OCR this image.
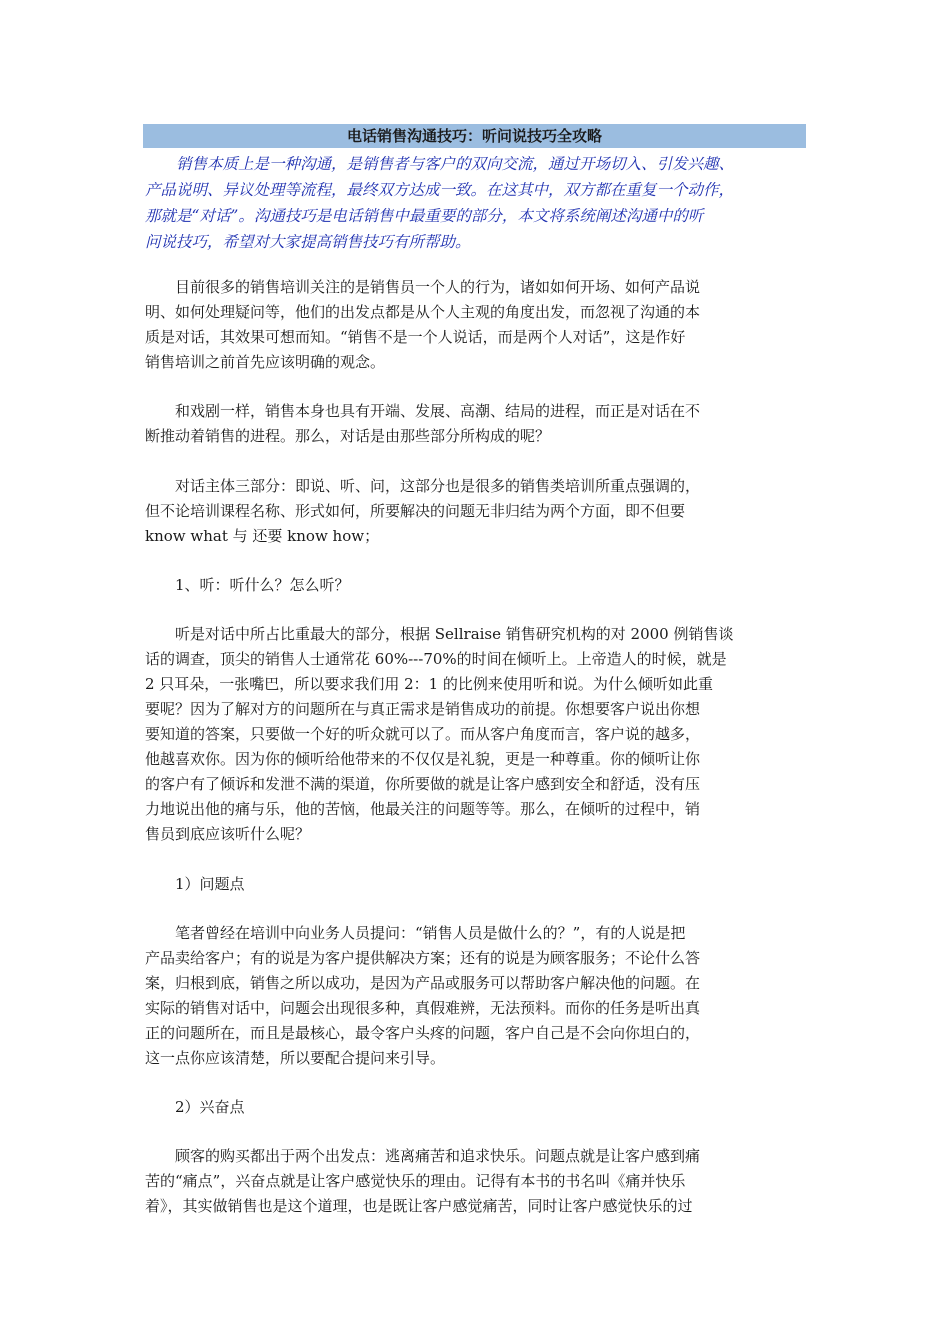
电话销售沟通技巧：听问说技巧全攻略
　　销售本质上是一种沟通，是销售者与客户的双向交流，通过开场切入、引发兴趣、
产品说明、异议处理等流程，最终双方达成一致。在这其中，双方都在重复一个动作，
那就是“对话”。沟通技巧是电话销售中最重要的部分，本文将系统阐述沟通中的听
问说技巧，希望对大家提高销售技巧有所帮助。
　　目前很多的销售培训关注的是销售员一个人的行为，诸如如何开场、如何产品说
明、如何处理疑问等，他们的出发点都是从个人主观的角度出发，而忽视了沟通的本
质是对话，其效果可想而知。“销售不是一个人说话，而是两个人对话”，这是作好
销售培训之前首先应该明确的观念。
　　和戏剧一样，销售本身也具有开端、发展、高潮、结局的进程，而正是对话在不
断推动着销售的进程。那么，对话是由那些部分所构成的呢？
　　对话主体三部分：即说、听、问，这部分也是很多的销售类培训所重点强调的，
但不论培训课程名称、形式如何，所要解决的问题无非归结为两个方面，即不但要
know what 与 还要 know how；
　　1、听：听什么？怎么听？
　　听是对话中所占比重最大的部分，根据 Sellraise 销售研究机构的对 2000 例销售谈
话的调查，顶尖的销售人士通常花 60%---70%的时间在倾听上。上帝造人的时候，就是
2 只耳朵，一张嘴巴，所以要求我们用 2：1 的比例来使用听和说。为什么倾听如此重
要呢？因为了解对方的问题所在与真正需求是销售成功的前提。你想要客户说出你想
要知道的答案，只要做一个好的听众就可以了。而从客户角度而言，客户说的越多，
他越喜欢你。因为你的倾听给他带来的不仅仅是礼貌，更是一种尊重。你的倾听让你
的客户有了倾诉和发泄不满的渠道，你所要做的就是让客户感到安全和舒适，没有压
力地说出他的痛与乐，他的苦恼，他最关注的问题等等。那么，在倾听的过程中，销
售员到底应该听什么呢？
　　1）问题点
　　笔者曾经在培训中向业务人员提问：“销售人员是做什么的？”，有的人说是把
产品卖给客户；有的说是为客户提供解决方案；还有的说是为顾客服务；不论什么答
案，归根到底，销售之所以成功，是因为产品或服务可以帮助客户解决他的问题。在
实际的销售对话中，问题会出现很多种，真假难辨，无法预料。而你的任务是听出真
正的问题所在，而且是最核心，最令客户头疼的问题，客户自己是不会向你坦白的，
这一点你应该清楚，所以要配合提问来引导。
　　2）兴奋点
　　顾客的购买都出于两个出发点：逃离痛苦和追求快乐。问题点就是让客户感到痛
苦的“痛点”，兴奋点就是让客户感觉快乐的理由。记得有本书的书名叫《痛并快乐
着》，其实做销售也是这个道理，也是既让客户感觉痛苦，同时让客户感觉快乐的过
